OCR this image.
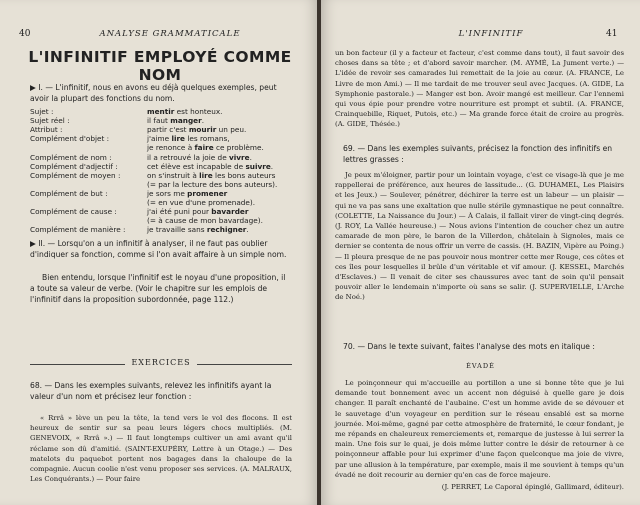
40	ANALYSE GRAMMATICALE
L'INFINITIF EMPLOYÉ COMME NOM
▶ I. — L'infinitif, nous en avons eu déjà quelques exemples, peut avoir la plupart des fonctions du nom.
Sujet :	mentir est honteux.
Sujet réel :	il faut manger.
Attribut :	partir c'est mourir un peu.
Complément d'objet :	j'aime lire les romans,
je renonce à faire ce problème.
Complément de nom :	il a retrouvé la joie de vivre.
Complément d'adjectif :	cet élève est incapable de suivre.
Complément de moyen :	on s'instruit à lire les bons auteurs
(= par la lecture des bons auteurs).
Complément de but :	je sors me promener
(= en vue d'une promenade).
Complément de cause :	j'ai été puni pour bavarder
(= à cause de mon bavardage).
Complément de manière :	je travaille sans rechigner.
▶ II. — Lorsqu'on a un infinitif à analyser, il ne faut pas oublier d'indiquer sa fonction, comme si l'on avait affaire à un simple nom.
Bien entendu, lorsque l'infinitif est le noyau d'une proposition, il a toute sa valeur de verbe. (Voir le chapitre sur les emplois de l'infinitif dans la proposition subordonnée, page 112.)
EXERCICES
68. — Dans les exemples suivants, relevez les infinitifs ayant la valeur d'un nom et précisez leur fonction :
« Rrrâ » lève un peu la tête, la tend vers le vol des flocons. Il est heureux de sentir sur sa peau leurs légers chocs multipliés. (M. GENEVOIX, « Rrrâ ».) — Il faut longtemps cultiver un ami avant qu'il réclame son dû d'amitié. (SAINT-EXUPÉRY, Lettre à un Otage.) — Des matelots du paquebot portent nos bagages dans la chaloupe de la compagnie. Aucun coolie n'est venu proposer ses services. (A. MALRAUX, Les Conquérants.) — Pour faire
L'INFINITIF	41
un bon facteur (il y a facteur et facteur, c'est comme dans tout), il faut savoir des choses dans sa tête ; et d'abord savoir marcher. (M. AYMÉ, La Jument verte.) — L'idée de revoir ses camarades lui remettait de la joie au cœur. (A. FRANCE, Le Livre de mon Ami.) — Il me tardait de me trouver seul avec Jacques. (A. GIDE, La Symphonie pastorale.) — Manger est bon. Avoir mangé est meilleur. Car l'ennemi qui vous épie pour prendre votre nourriture est prompt et subtil. (A. FRANCE, Crainquebille, Riquet, Putois, etc.) — Ma grande force était de croire au progrès. (A. GIDE, Thésée.)
69. — Dans les exemples suivants, précisez la fonction des infinitifs en lettres grasses :
Je peux m'éloigner, partir pour un lointain voyage, c'est ce visage-là que je me rappellerai de préférence, aux heures de lassitude... (G. DUHAMEL, Les Plaisirs et les Jeux.) — Soulever, pénétrer, déchirer la terre est un labeur — un plaisir — qui ne va pas sans une exaltation que nulle stérile gymnastique ne peut connaître. (COLETTE, La Naissance du Jour.) — À Calais, il fallait virer de vingt-cinq degrés. (J. ROY, La Vallée heureuse.) — Nous avions l'intention de coucher chez un autre camarade de mon père, le baron de la Villerdon, châtelain à Signoles, mais ce dernier se contenta de nous offrir un verre de cassis. (H. BAZIN, Vipère au Poing.) — Il pleura presque de ne pas pouvoir nous montrer cette mer Rouge, ces côtes et ces îles pour lesquelles il brûle d'un véritable et vif amour. (J. KESSEL, Marchés d'Esclaves.) — Il venait de citer ses chaussures avec tant de soin qu'il pensait pouvoir aller le lendemain n'importe où sans se salir. (J. SUPERVIELLE, L'Arche de Noé.)
70. — Dans le texte suivant, faites l'analyse des mots en italique :
ÉVADÉ
Le poinçonneur qui m'accueille au portillon a une si bonne tête que je lui demande tout bonnement avec un accent non déguisé à quelle gare je dois changer. Il paraît enchanté de l'aubaine. C'est un homme avide de se dévouer et le sauvetage d'un voyageur en perdition sur le réseau ensablé est sa morne journée. Moi-même, gagné par cette atmosphère de fraternité, le cœur fondant, je me répands en chaleureux remerciements et, remarque de justesse à lui serrer la main. Une fois sur le quai, je dois même lutter contre le désir de retourner à ce poinçonneur affable pour lui exprimer d'une façon quelconque ma joie de vivre, par une allusion à la température, par exemple, mais il me souvient à temps qu'un évadé ne doit recourir au dernier qu'en cas de force majeure.
(J. PERRET, Le Caporal épinglé, Gallimard, éditeur).
